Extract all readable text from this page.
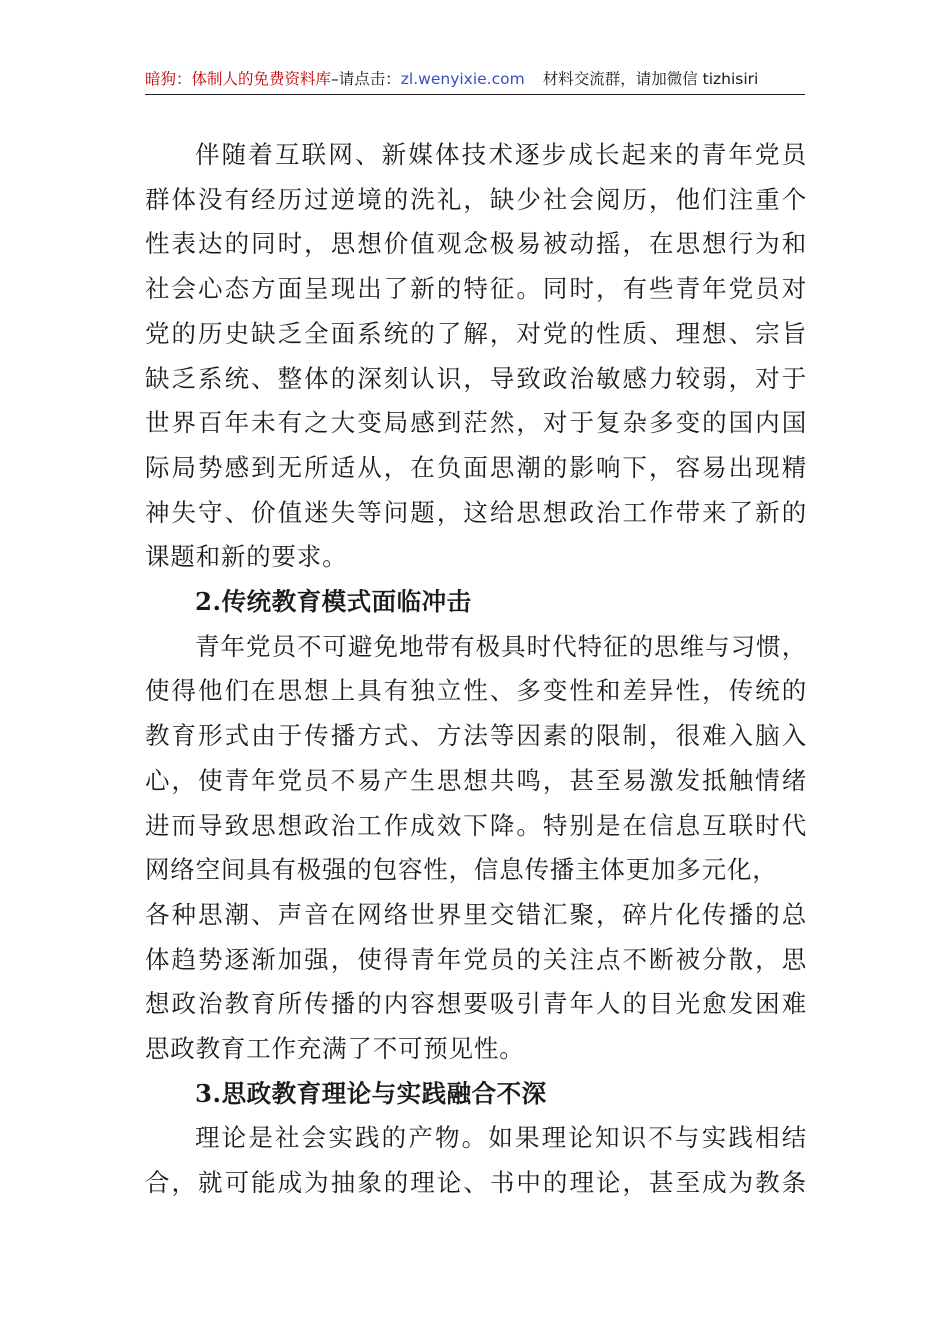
暗狗：体制人的免费资料库–请点击：zl.wenyixie.com 材料交流群，请加微信 tizhisiri

伴随着互联网、新媒体技术逐步成长起来的青年党员
群体没有经历过逆境的洗礼，缺少社会阅历，他们注重个
性表达的同时，思想价值观念极易被动摇，在思想行为和
社会心态方面呈现出了新的特征。同时，有些青年党员对
党的历史缺乏全面系统的了解，对党的性质、理想、宗旨
缺乏系统、整体的深刻认识，导致政治敏感力较弱，对于
世界百年未有之大变局感到茫然，对于复杂多变的国内国
际局势感到无所适从，在负面思潮的影响下，容易出现精
神失守、价值迷失等问题，这给思想政治工作带来了新的
课题和新的要求。

2.传统教育模式面临冲击

青年党员不可避免地带有极具时代特征的思维与习惯，
使得他们在思想上具有独立性、多变性和差异性，传统的
教育形式由于传播方式、方法等因素的限制，很难入脑入
心，使青年党员不易产生思想共鸣，甚至易激发抵触情绪
进而导致思想政治工作成效下降。特别是在信息互联时代
网络空间具有极强的包容性，信息传播主体更加多元化，
各种思潮、声音在网络世界里交错汇聚，碎片化传播的总
体趋势逐渐加强，使得青年党员的关注点不断被分散，思
想政治教育所传播的内容想要吸引青年人的目光愈发困难
思政教育工作充满了不可预见性。

3.思政教育理论与实践融合不深

理论是社会实践的产物。如果理论知识不与实践相结
合，就可能成为抽象的理论、书中的理论，甚至成为教条
